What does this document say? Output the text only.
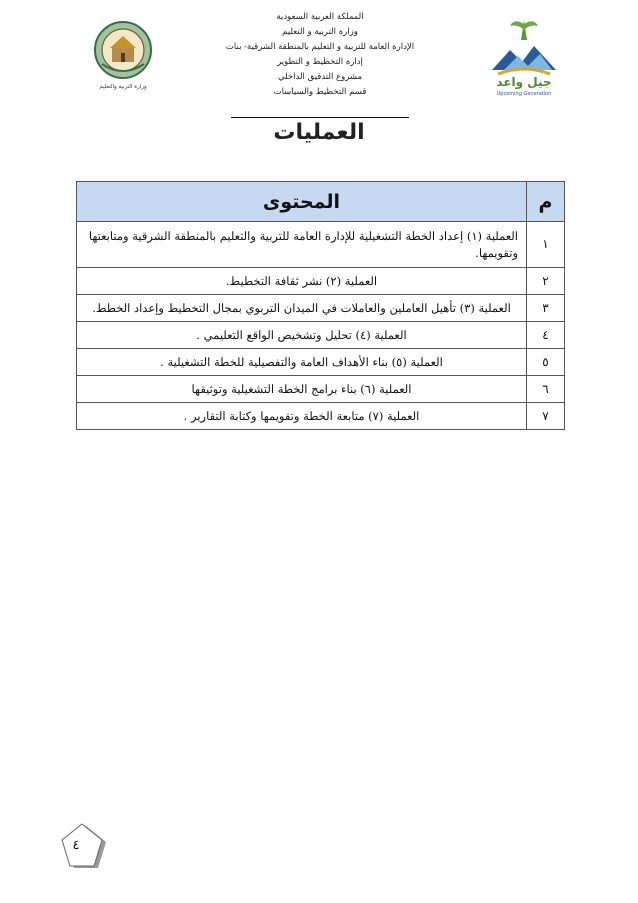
وزارة التربية والتعليم
المملكة العربية السعودية
وزارة التربية و التعليم
الإدارة العامة للتربية و التعليم بالمنطقة الشرقية- بنات
إدارة التخطيط و التطوير
مشروع التدقيق الداخلي
قسم التخطيط والسياسات
جيل واعد
Upcoming Generation
العمليات
م	المحتوى
١	العملية (١) إعداد الخطة التشغيلية للإدارة العامة للتربية والتعليم بالمنطقة الشرقية ومتابعتها وتقويمها.
٢	العملية (٢) نشر ثقافة التخطيط.
٣	العملية (٣) تأهيل العاملين والعاملات في الميدان التربوي بمجال التخطيط وإعداد الخطط.
٤	العملية (٤) تحليل وتشخيص الواقع التعليمي .
٥	العملية (٥) بناء الأهداف العامة والتفصيلية للخطة التشغيلية .
٦	العملية (٦) بناء برامج الخطة التشغيلية وتوثيقها
٧	العملية (٧) متابعة الخطة وتقويمها وكتابة التقارير .
٤
